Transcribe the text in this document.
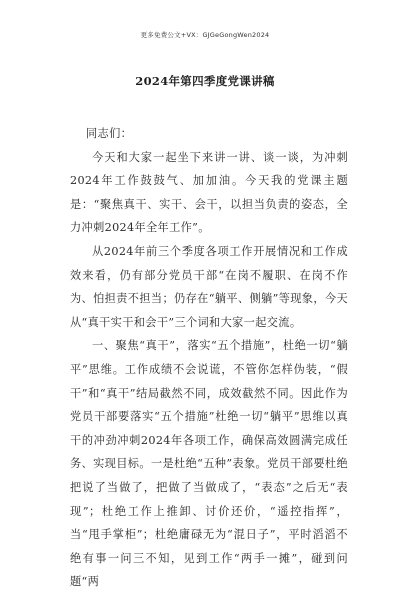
更多免费公文+VX：GJGeGongWen2024
2024年第四季度党课讲稿

同志们：

今天和大家一起坐下来讲一讲、谈一谈，为冲刺2024年工作鼓鼓气、加加油。今天我的党课主题是：“聚焦真干、实干、会干，以担当负责的姿态，全力冲刺2024年全年工作”。

从2024年前三个季度各项工作开展情况和工作成效来看，仍有部分党员干部“在岗不履职、在岗不作为、怕担责不担当；仍存在“躺平、侧躺”等现象，今天从“真干实干和会干”三个词和大家一起交流。

一、聚焦“真干”，落实“五个措施”，杜绝一切“躺平”思维。工作成绩不会说谎，不管你怎样伪装，“假干”和“真干”结局截然不同，成效截然不同。因此作为党员干部要落实“五个措施”杜绝一切“躺平”思维以真干的冲劲冲刺2024年各项工作，确保高效圆满完成任务、实现目标。一是杜绝“五种”表象。党员干部要杜绝把说了当做了，把做了当做成了，“表态”之后无“表现”；杜绝工作上推卸、讨价还价，“遥控指挥”，当“甩手掌柜”；杜绝庸碌无为“混日子”，平时滔滔不绝有事一问三不知，见到工作“两手一摊”，碰到问题“两
